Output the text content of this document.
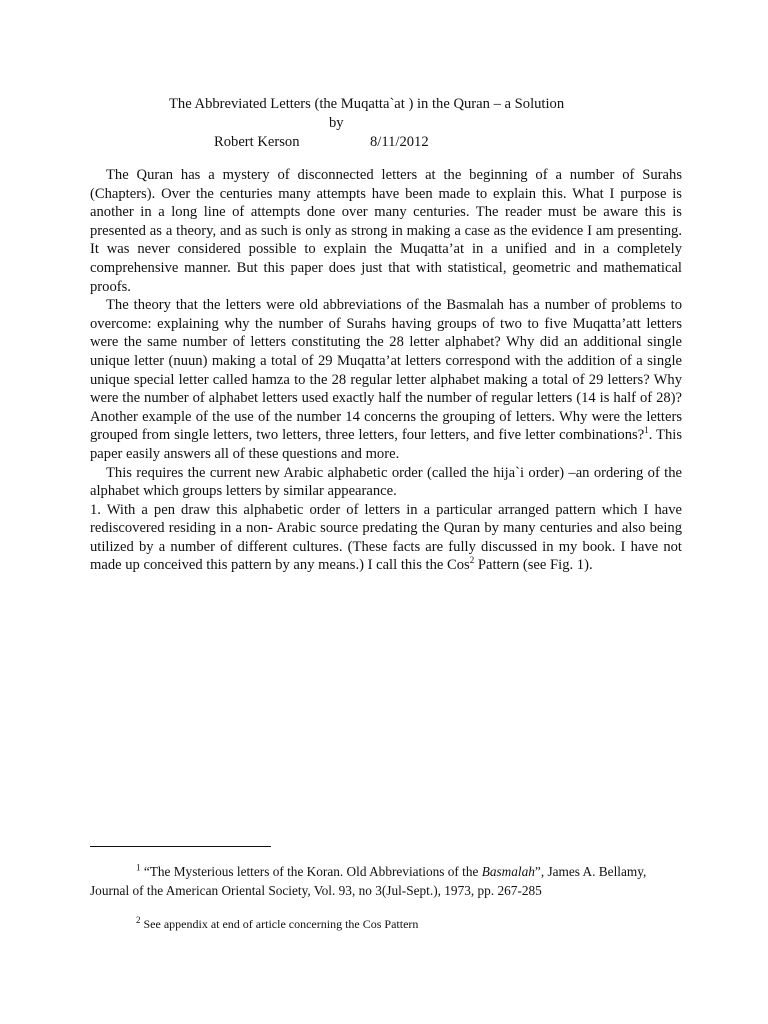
The Abbreviated Letters (the Muqatta`at ) in the Quran – a Solution
by
Robert Kerson	8/11/2012

The Quran has a mystery of disconnected letters at the beginning of a number of Surahs (Chapters). Over the centuries many attempts have been made to explain this. What I purpose is another in a long line of attempts done over many centuries. The reader must be aware this is presented as a theory, and as such is only as strong in making a case as the evidence I am presenting. It was never considered possible to explain the Muqatta’at in a unified and in a completely comprehensive manner. But this paper does just that with statistical, geometric and mathematical proofs.

The theory that the letters were old abbreviations of the Basmalah has a number of problems to overcome: explaining why the number of Surahs having groups of two to five Muqatta’att letters were the same number of letters constituting the 28 letter alphabet? Why did an additional single unique letter (nuun) making a total of 29 Muqatta’at letters correspond with the addition of a single unique special letter called hamza to the 28 regular letter alphabet making a total of 29 letters? Why were the number of alphabet letters used exactly half the number of regular letters (14 is half of 28)? Another example of the use of the number 14 concerns the grouping of letters. Why were the letters grouped from single letters, two letters, three letters, four letters, and five letter combinations?$^1$. This paper easily answers all of these questions and more.

This requires the current new Arabic alphabetic order (called the hija`i order) –an ordering of the alphabet which groups letters by similar appearance.

1. With a pen draw this alphabetic order of letters in a particular arranged pattern which I have rediscovered residing in a non- Arabic source predating the Quran by many centuries and also being utilized by a number of different cultures. (These facts are fully discussed in my book. I have not made up conceived this pattern by any means.) I call this the Cos$^2$ Pattern (see Fig. 1).

$^1$ “The Mysterious letters of the Koran. Old Abbreviations of the Basmalah”, James A. Bellamy, Journal of the American Oriental Society, Vol. 93, no 3(Jul-Sept.), 1973, pp. 267-285

$^2$ See appendix at end of article concerning the Cos Pattern
